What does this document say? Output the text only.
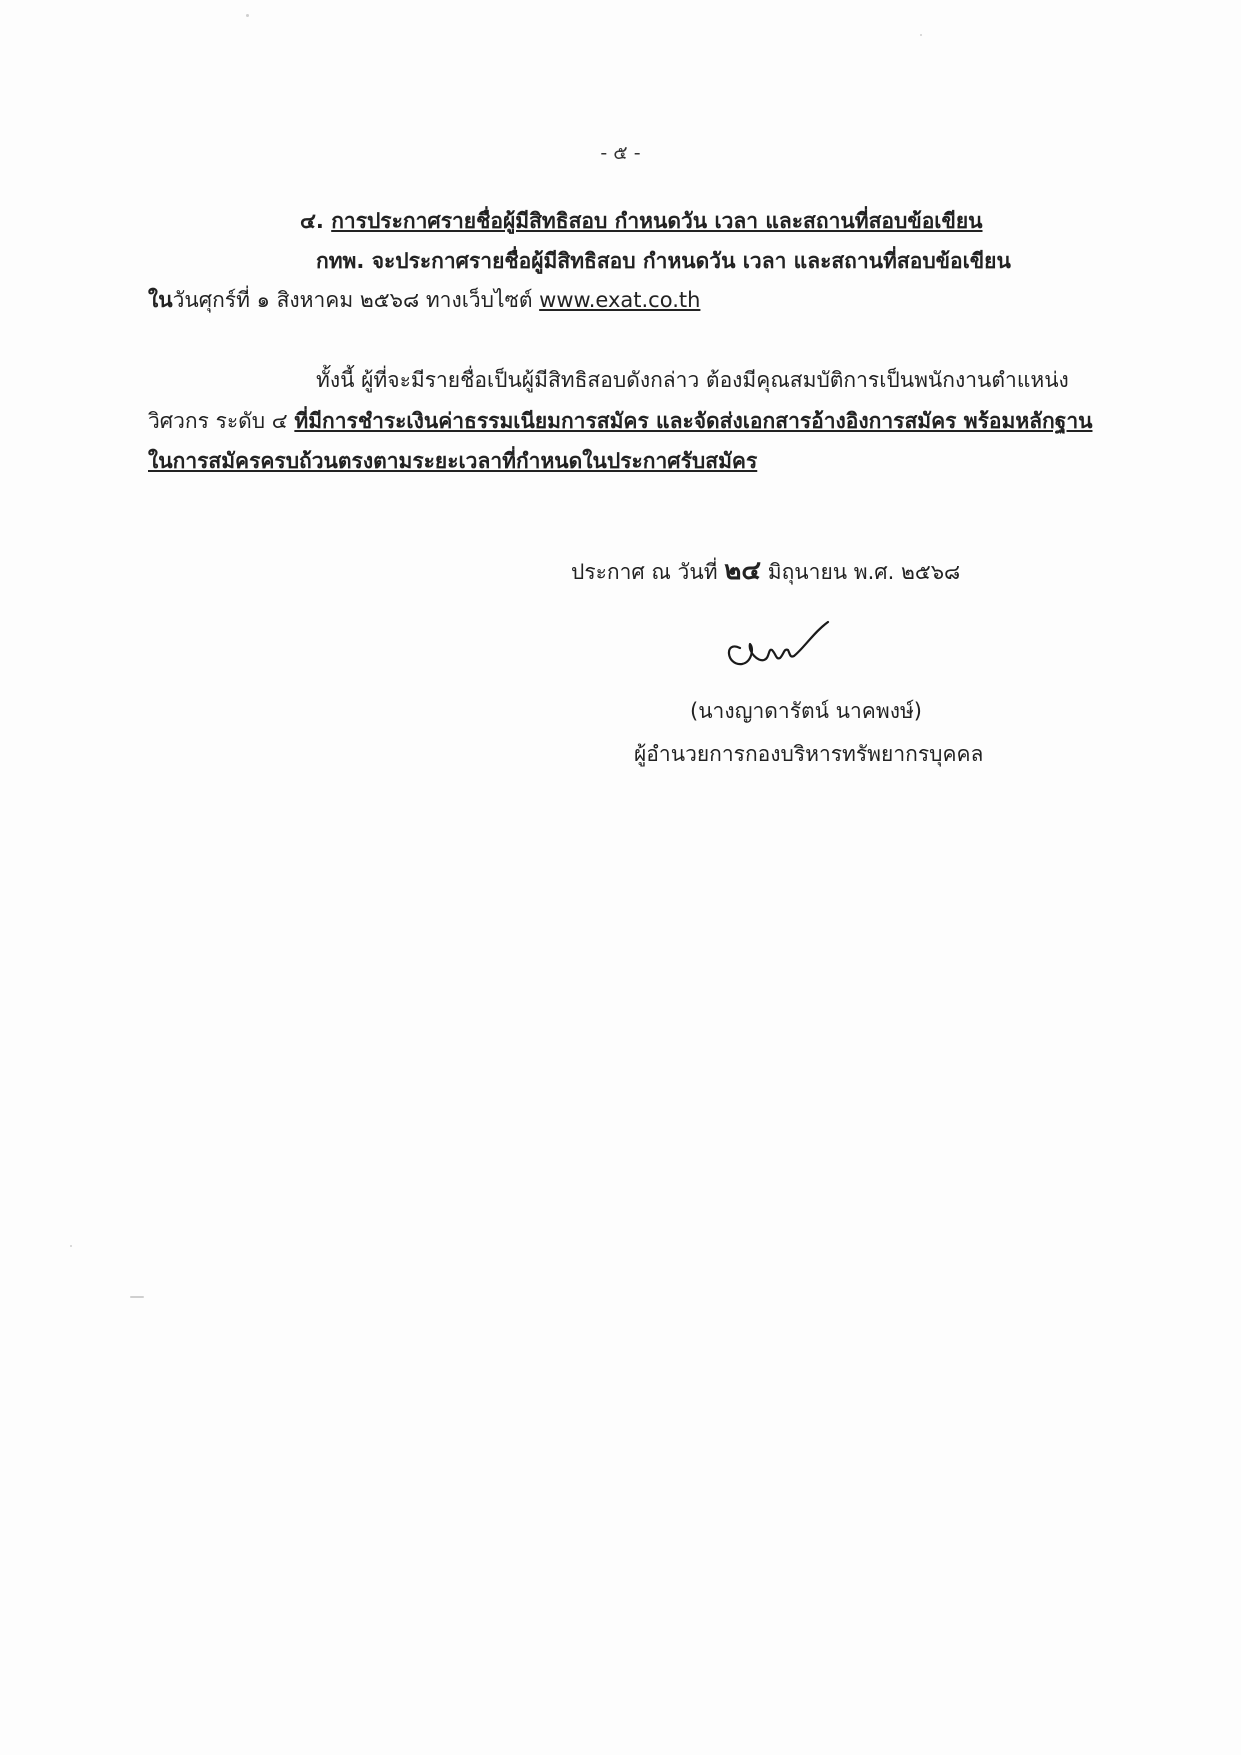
- ๕ -
๔. การประกาศรายชื่อผู้มีสิทธิสอบ กำหนดวัน เวลา และสถานที่สอบข้อเขียน
กทพ. จะประกาศรายชื่อผู้มีสิทธิสอบ กำหนดวัน เวลา และสถานที่สอบข้อเขียน
ในวันศุกร์ที่ ๑ สิงหาคม ๒๕๖๘ ทางเว็บไซต์ www.exat.co.th
ทั้งนี้ ผู้ที่จะมีรายชื่อเป็นผู้มีสิทธิสอบดังกล่าว ต้องมีคุณสมบัติการเป็นพนักงานตำแหน่ง
วิศวกร ระดับ ๔ ที่มีการชำระเงินค่าธรรมเนียมการสมัคร และจัดส่งเอกสารอ้างอิงการสมัคร พร้อมหลักฐาน
ในการสมัครครบถ้วนตรงตามระยะเวลาที่กำหนดในประกาศรับสมัคร
ประกาศ ณ วันที่ ๒๔ มิถุนายน พ.ศ. ๒๕๖๘
(นางญาดารัตน์ นาคพงษ์)
ผู้อำนวยการกองบริหารทรัพยากรบุคคล
